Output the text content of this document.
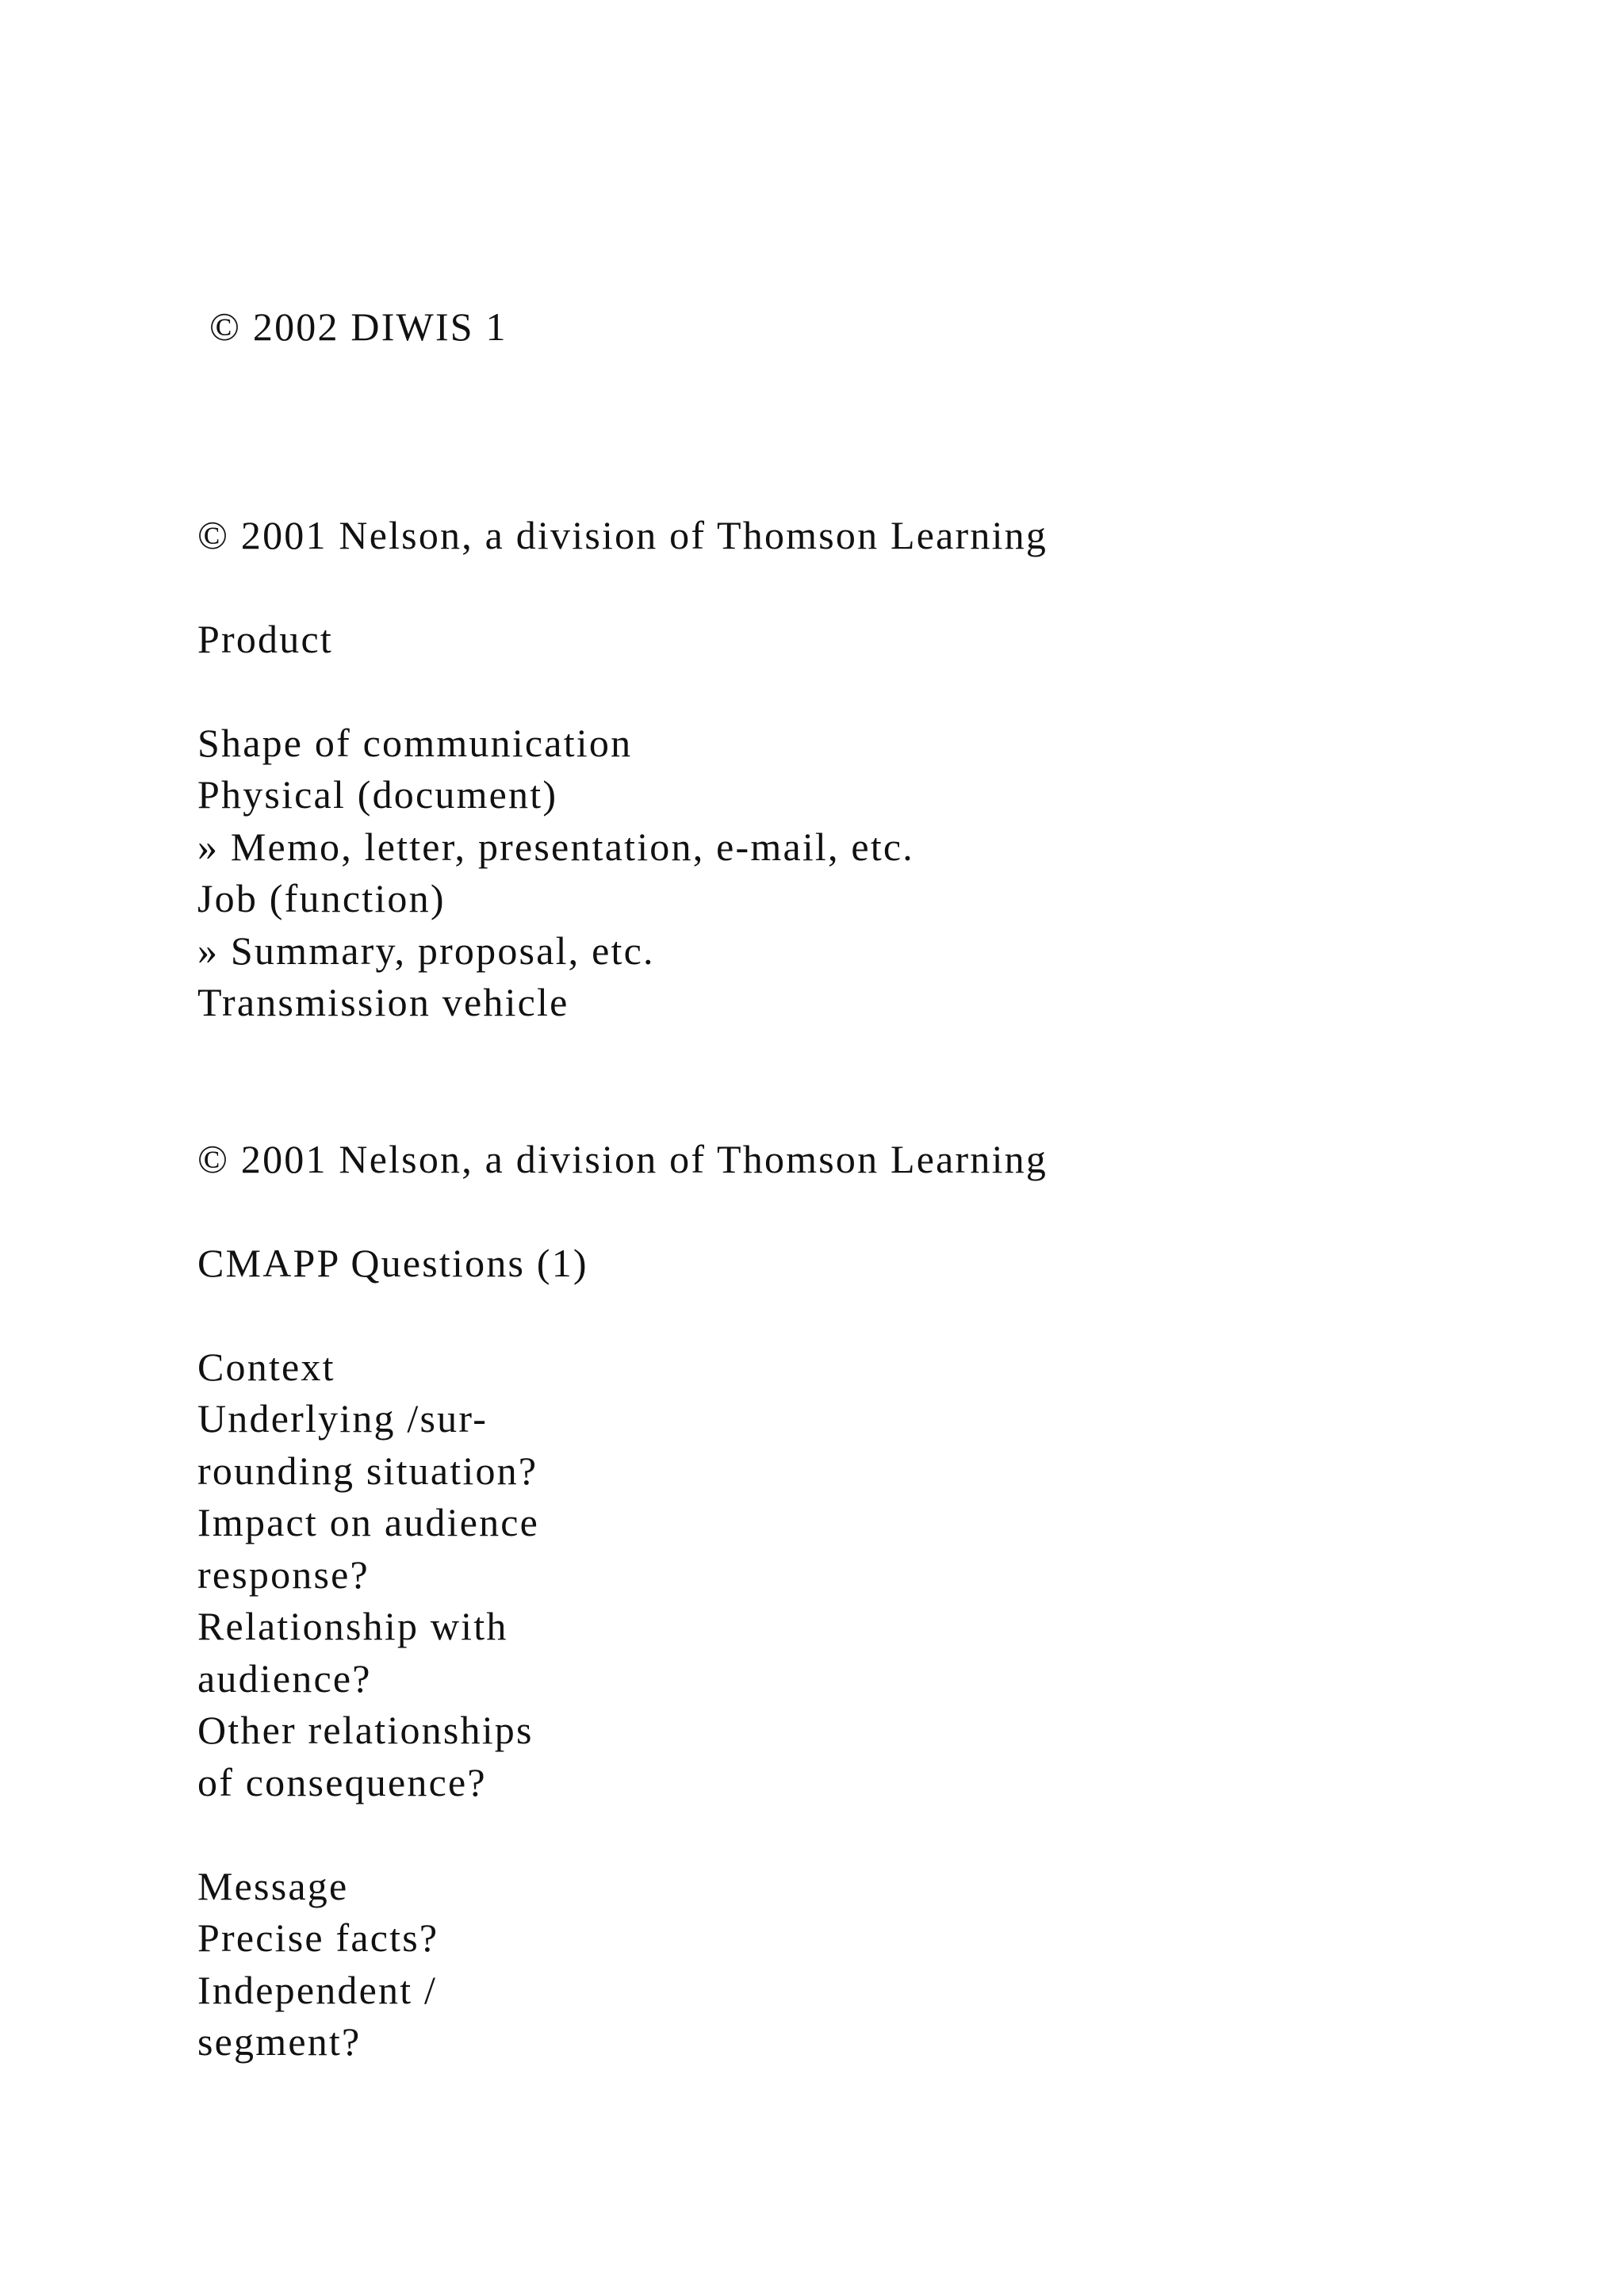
© 2002 DIWIS 1
© 2001 Nelson, a division of Thomson Learning
Product
Shape of communication
Physical (document)
» Memo, letter, presentation, e-mail, etc.
Job (function)
» Summary, proposal, etc.
Transmission vehicle
© 2001 Nelson, a division of Thomson Learning
CMAPP Questions (1)
Context
Underlying /sur-
rounding situation?
Impact on audience
response?
Relationship with
audience?
Other relationships
of consequence?
Message
Precise facts?
Independent /
segment?
